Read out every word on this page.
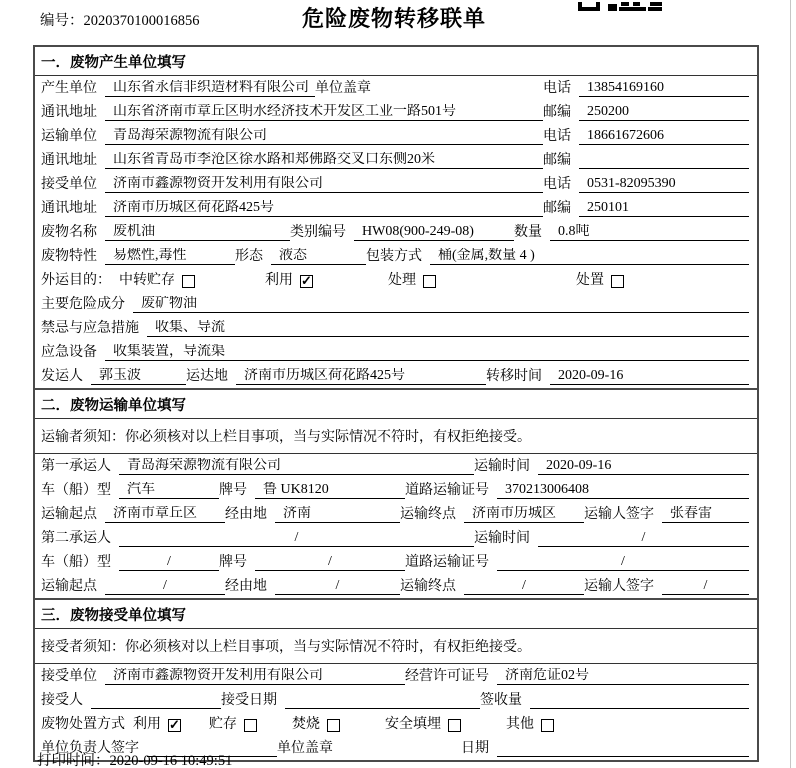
编号：2020370100016856	危险废物转移联单
一．废物产生单位填写
产生单位	山东省永信非织造材料有限公司 单位盖章	电话	13854169160
通讯地址	山东省济南市章丘区明水经济技术开发区工业一路501号	邮编	250200
运输单位	青岛海荣源物流有限公司	电话	18661672606
通讯地址	山东省青岛市李沧区徐水路和郑佛路交叉口东侧20米	邮编
接受单位	济南市鑫源物资开发利用有限公司	电话	0531-82095390
通讯地址	济南市历城区荷花路425号	邮编	250101
废物名称	废机油	类别编号	HW08(900-249-08)	数量	0.8吨
废物特性	易燃性,毒性	形态	液态	包装方式	桶(金属,数量 4 )
外运目的： 中转贮存	利用 ✓	处理	处置
主要危险成分	废矿物油
禁忌与应急措施	收集、导流
应急设备	收集装置，导流渠
发运人	郭玉波	运达地	济南市历城区荷花路425号	转移时间	2020-09-16
二．废物运输单位填写
运输者须知：你必须核对以上栏目事项，当与实际情况不符时，有权拒绝接受。
第一承运人	青岛海荣源物流有限公司	运输时间	2020-09-16
车（船）型	汽车	牌号	鲁 UK8120	道路运输证号	370213006408
运输起点	济南市章丘区	经由地	济南	运输终点	济南市历城区	运输人签字	张春雷
第二承运人	/	运输时间	/
车（船）型	/	牌号	/	道路运输证号	/
运输起点	/	经由地	/	运输终点	/	运输人签字	/
三．废物接受单位填写
接受者须知：你必须核对以上栏目事项，当与实际情况不符时，有权拒绝接受。
接受单位	济南市鑫源物资开发利用有限公司	经营许可证号	济南危证02号
接受人	接受日期	签收量
废物处置方式 利用 ✓ 贮存	焚烧	安全填埋	其他
单位负责人签字	单位盖章	日期
打印时间：2020-09-16 10:49:51
